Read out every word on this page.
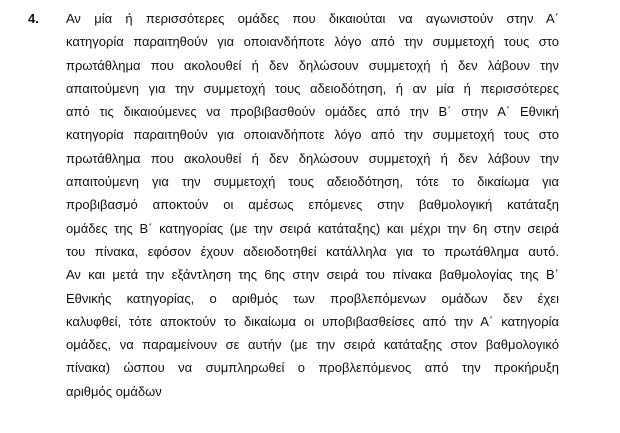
4. Αν μία ή περισσότερες ομάδες που δικαιούται να αγωνιστούν στην Α΄
κατηγορία παραιτηθούν για οποιανδήποτε λόγο από την συμμετοχή τους στο
πρωτάθλημα που ακολουθεί ή δεν δηλώσουν συμμετοχή ή δεν λάβουν την
απαιτούμενη για την συμμετοχή τους αδειοδότηση, ή αν μία ή περισσότερες
από τις δικαιούμενες να προβιβασθούν ομάδες από την Β΄ στην Α΄ Εθνική
κατηγορία παραιτηθούν για οποιανδήποτε λόγο από την συμμετοχή τους στο
πρωτάθλημα που ακολουθεί ή δεν δηλώσουν συμμετοχή ή δεν λάβουν την
απαιτούμενη για την συμμετοχή τους αδειοδότηση, τότε το δικαίωμα για
προβιβασμό αποκτούν οι αμέσως επόμενες στην βαθμολογική κατάταξη
ομάδες της Β΄ κατηγορίας (με την σειρά κατάταξης) και μέχρι την 6η στην σειρά
του πίνακα, εφόσον έχουν αδειοδοτηθεί κατάλληλα για το πρωτάθλημα αυτό.
Αν και μετά την εξάντληση της 6ης στην σειρά του πίνακα βαθμολογίας της Β΄
Εθνικής κατηγορίας, ο αριθμός των προβλεπόμενων ομάδων δεν έχει
καλυφθεί, τότε αποκτούν το δικαίωμα οι υποβιβασθείσες από την Α΄ κατηγορία
ομάδες, να παραμείνουν σε αυτήν (με την σειρά κατάταξης στον βαθμολογικό
πίνακα) ώσπου να συμπληρωθεί ο προβλεπόμενος από την προκήρυξη
αριθμός ομάδων
